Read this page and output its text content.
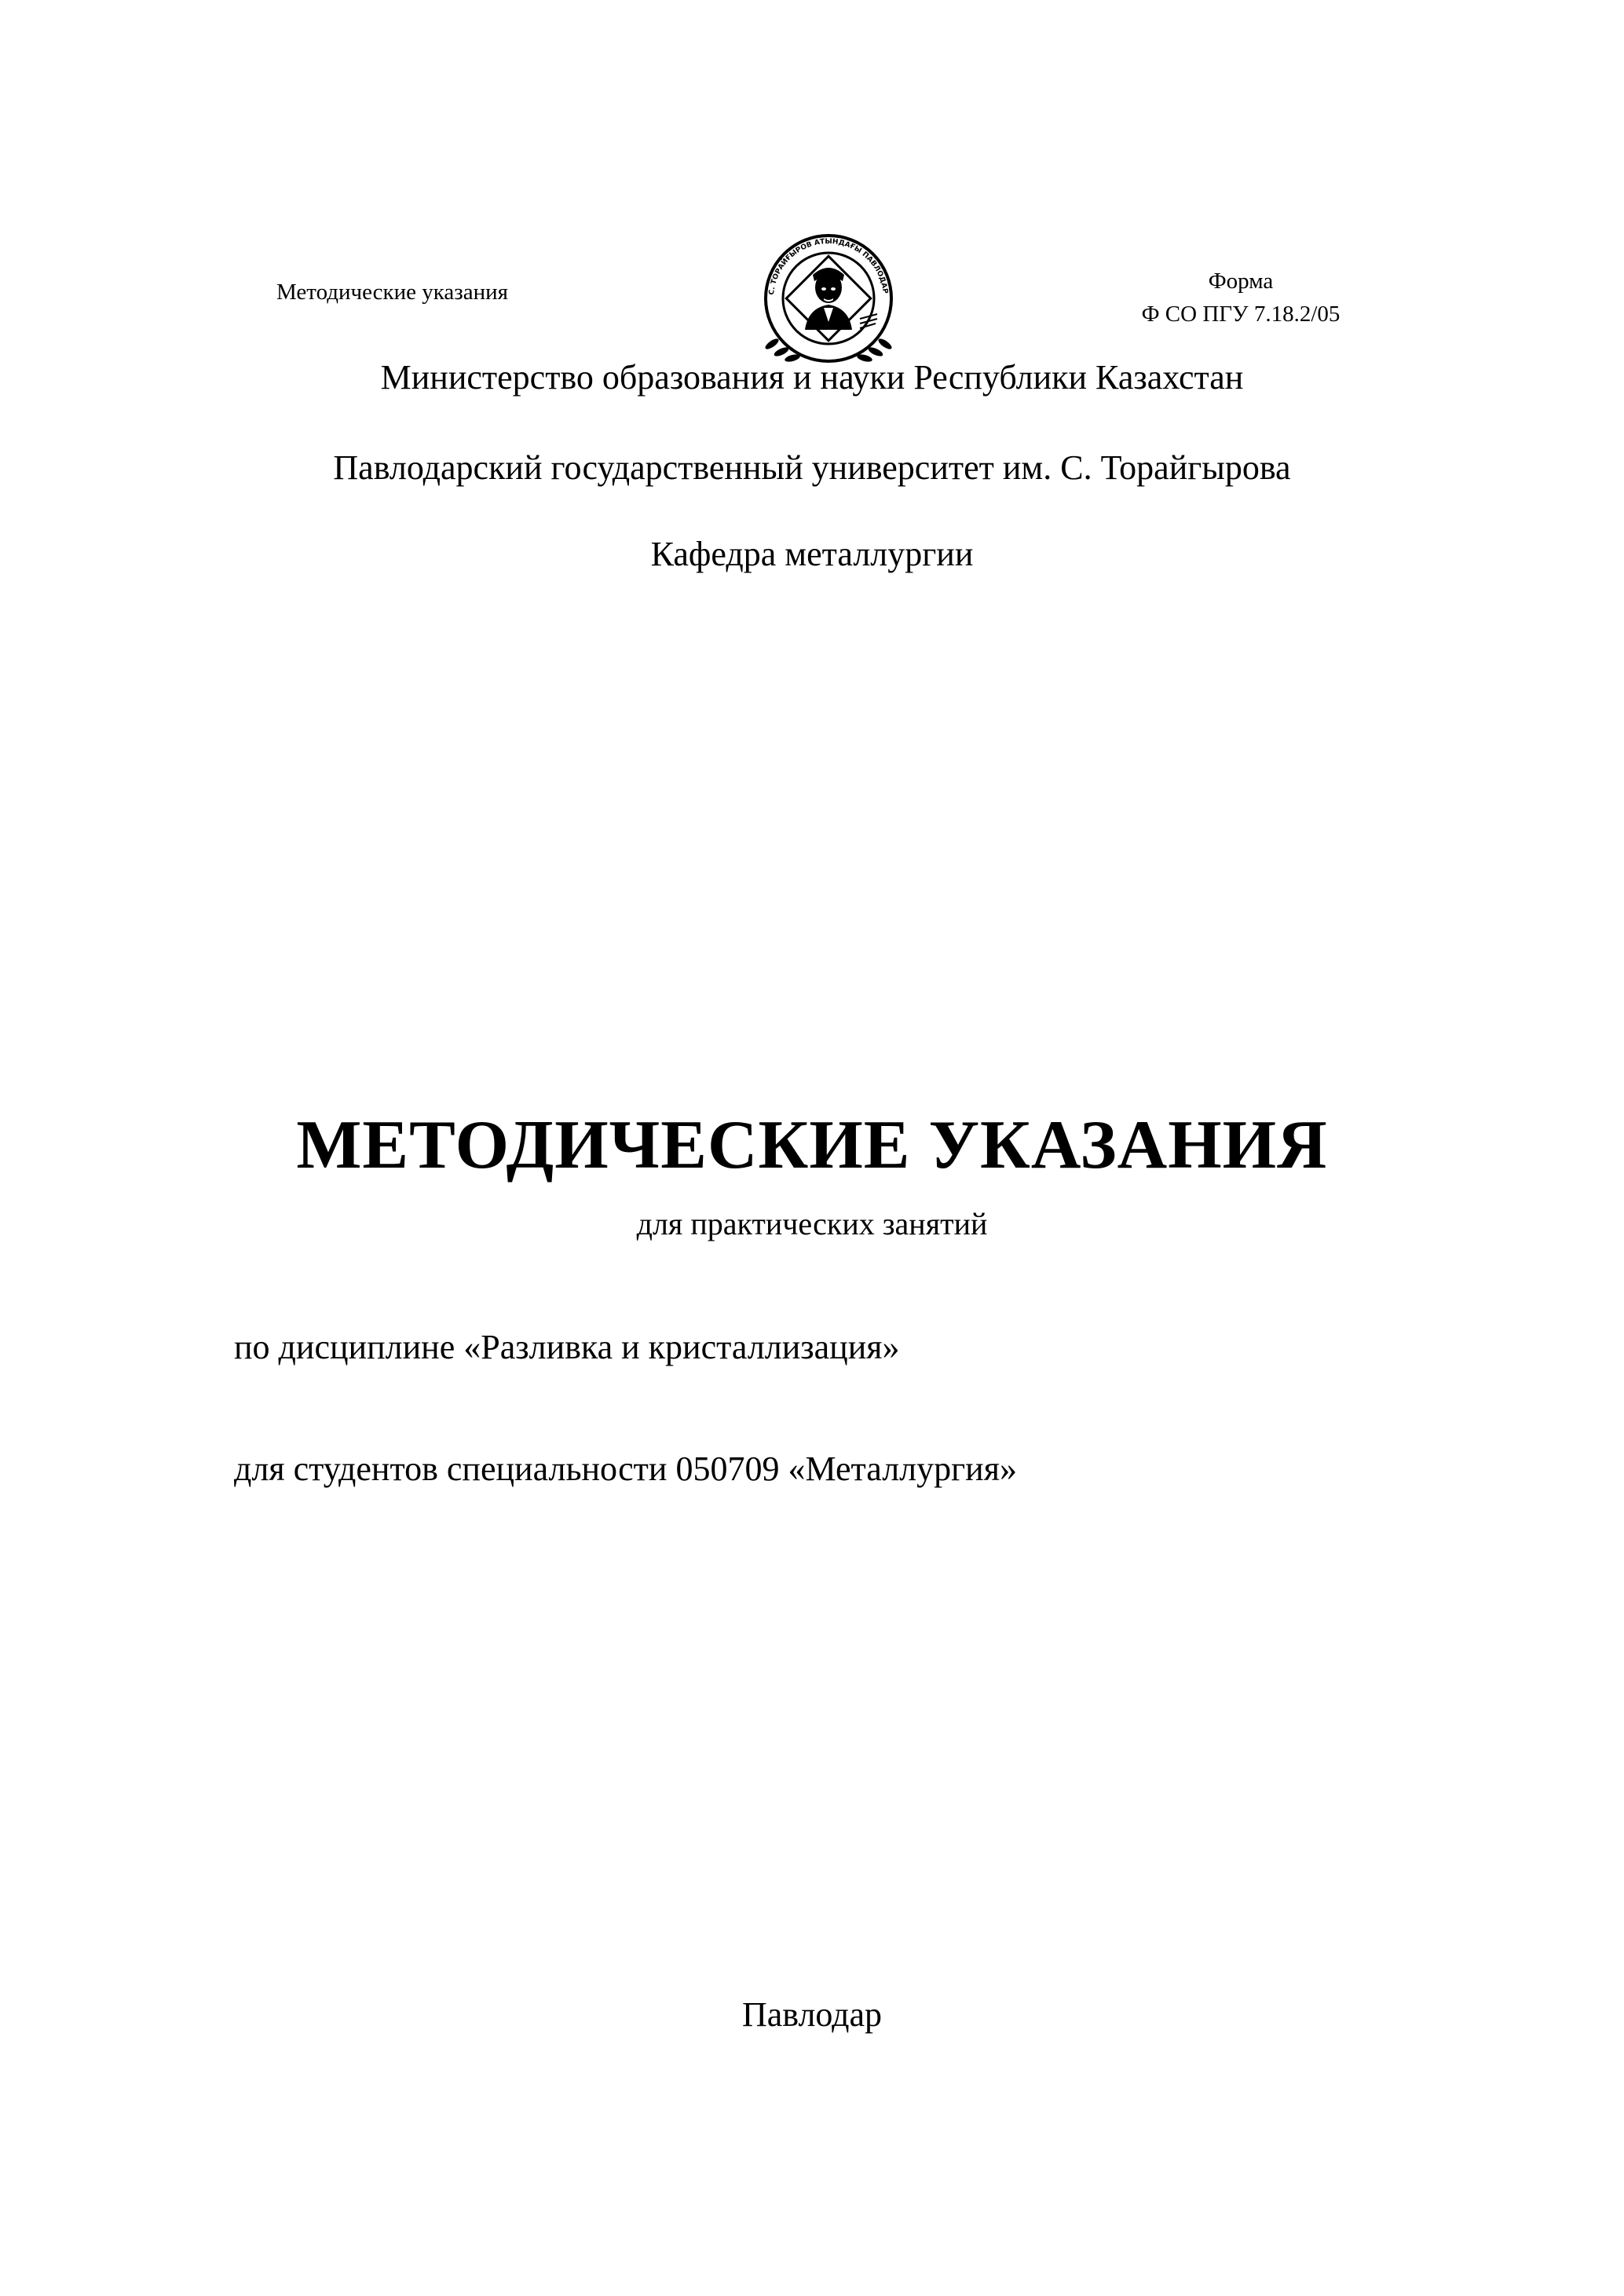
Методические указания	С. ТОРАЙҒЫРОВ АТЫНДАҒЫ ПАВЛОДАР	Форма
Ф СО ПГУ 7.18.2/05
Министерство образования и науки Республики Казахстан
Павлодарский государственный университет им. С. Торайгырова
Кафедра металлургии
МЕТОДИЧЕСКИЕ УКАЗАНИЯ
для практических занятий
по дисциплине «Разливка и кристаллизация»
для студентов специальности 050709 «Металлургия»
Павлодар
